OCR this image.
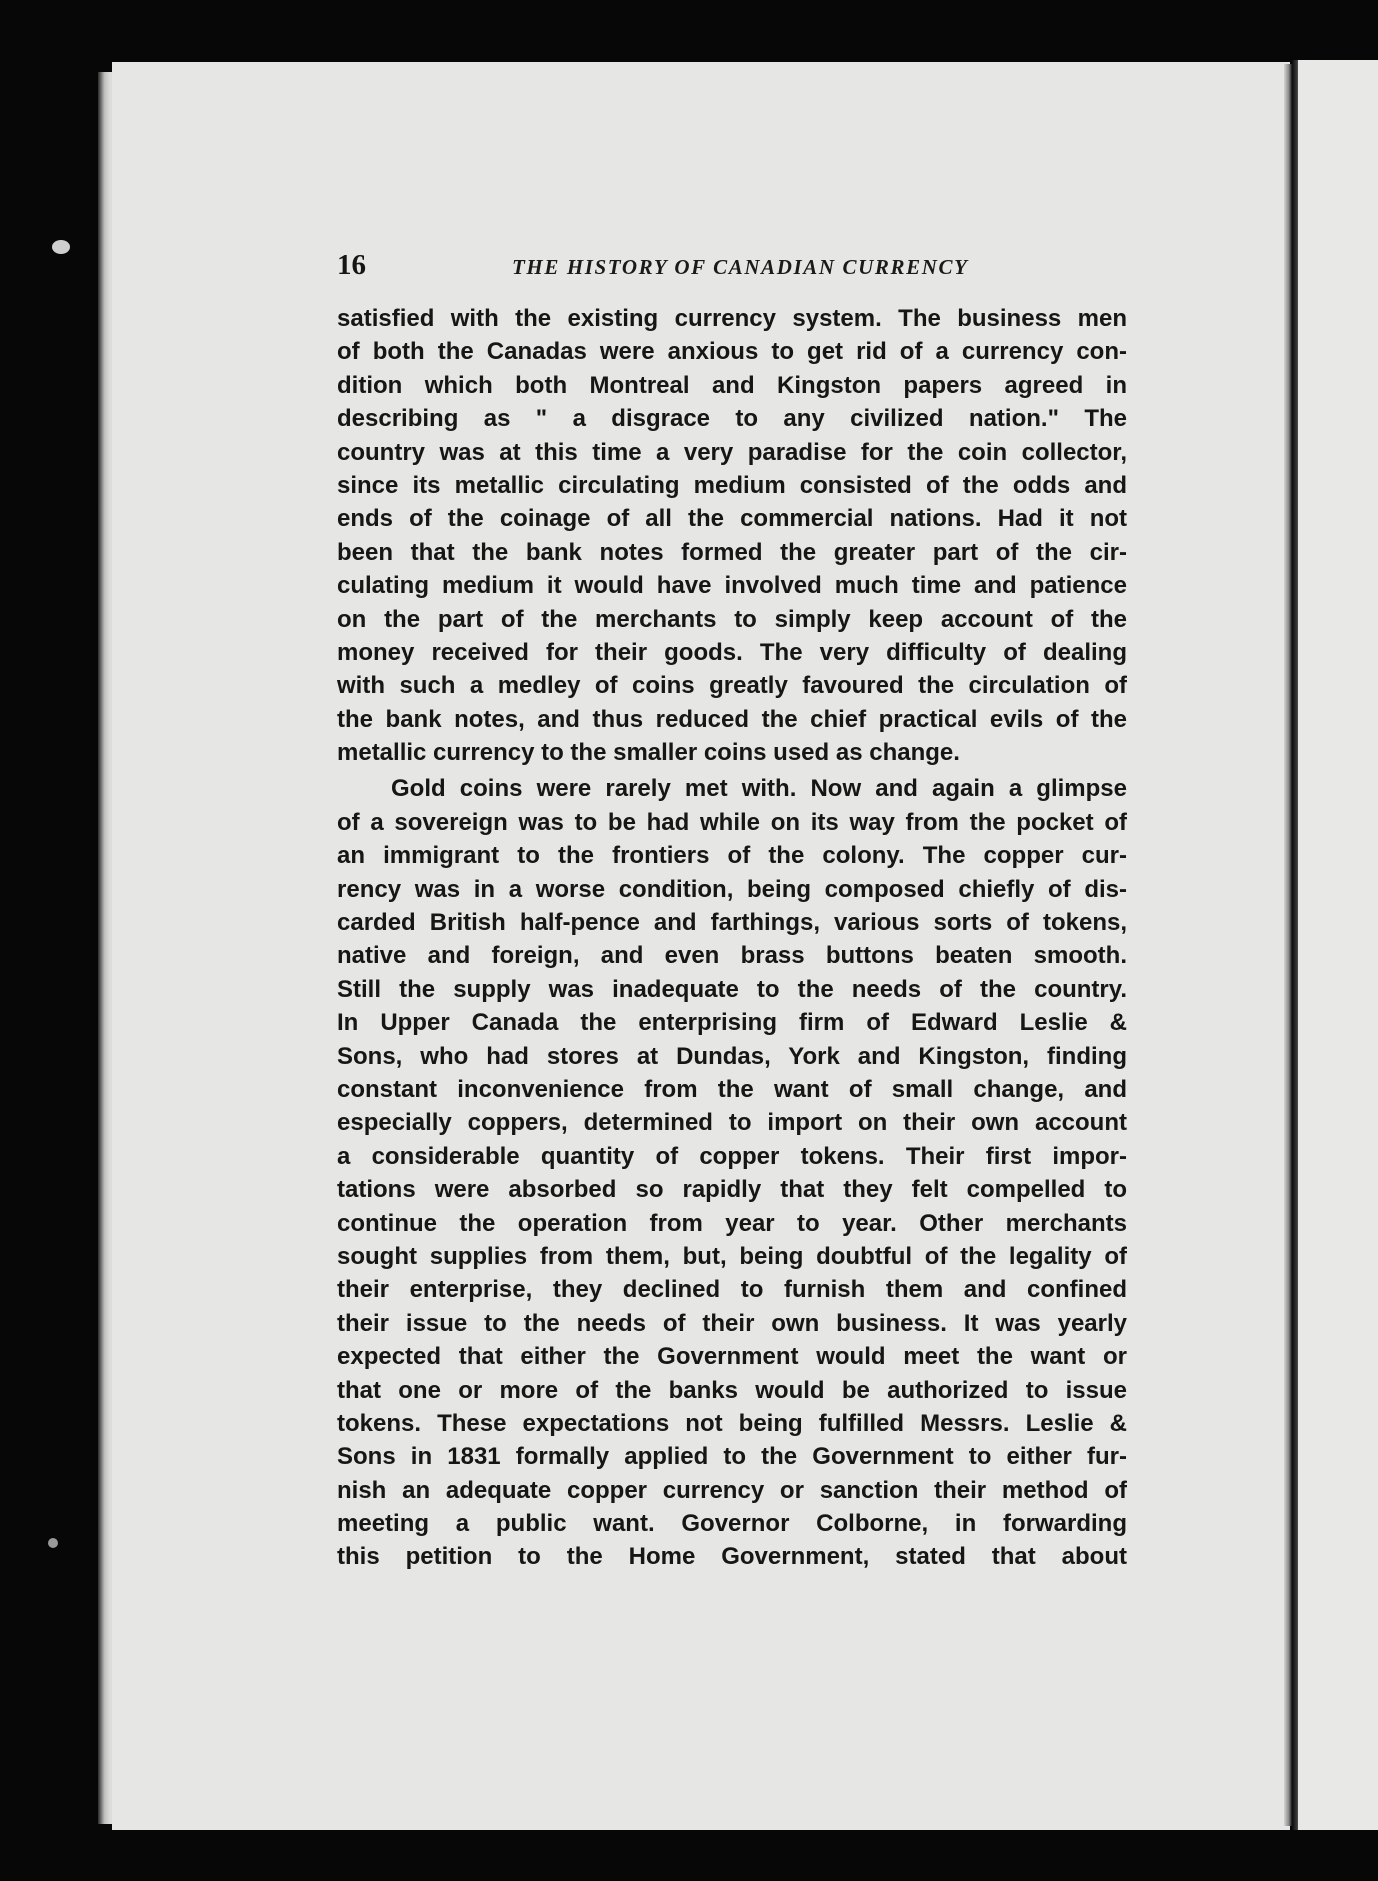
16	THE HISTORY OF CANADIAN CURRENCY
satisfied with the existing currency system. The business men
of both the Canadas were anxious to get rid of a currency con-
dition which both Montreal and Kingston papers agreed in
describing as " a disgrace to any civilized nation." The
country was at this time a very paradise for the coin collector,
since its metallic circulating medium consisted of the odds and
ends of the coinage of all the commercial nations. Had it not
been that the bank notes formed the greater part of the cir-
culating medium it would have involved much time and patience
on the part of the merchants to simply keep account of the
money received for their goods. The very difficulty of dealing
with such a medley of coins greatly favoured the circulation of
the bank notes, and thus reduced the chief practical evils of the
metallic currency to the smaller coins used as change.
Gold coins were rarely met with. Now and again a glimpse
of a sovereign was to be had while on its way from the pocket of
an immigrant to the frontiers of the colony. The copper cur-
rency was in a worse condition, being composed chiefly of dis-
carded British half-pence and farthings, various sorts of tokens,
native and foreign, and even brass buttons beaten smooth.
Still the supply was inadequate to the needs of the country.
In Upper Canada the enterprising firm of Edward Leslie &
Sons, who had stores at Dundas, York and Kingston, finding
constant inconvenience from the want of small change, and
especially coppers, determined to import on their own account
a considerable quantity of copper tokens. Their first impor-
tations were absorbed so rapidly that they felt compelled to
continue the operation from year to year. Other merchants
sought supplies from them, but, being doubtful of the legality of
their enterprise, they declined to furnish them and confined
their issue to the needs of their own business. It was yearly
expected that either the Government would meet the want or
that one or more of the banks would be authorized to issue
tokens. These expectations not being fulfilled Messrs. Leslie &
Sons in 1831 formally applied to the Government to either fur-
nish an adequate copper currency or sanction their method of
meeting a public want. Governor Colborne, in forwarding
this petition to the Home Government, stated that about
